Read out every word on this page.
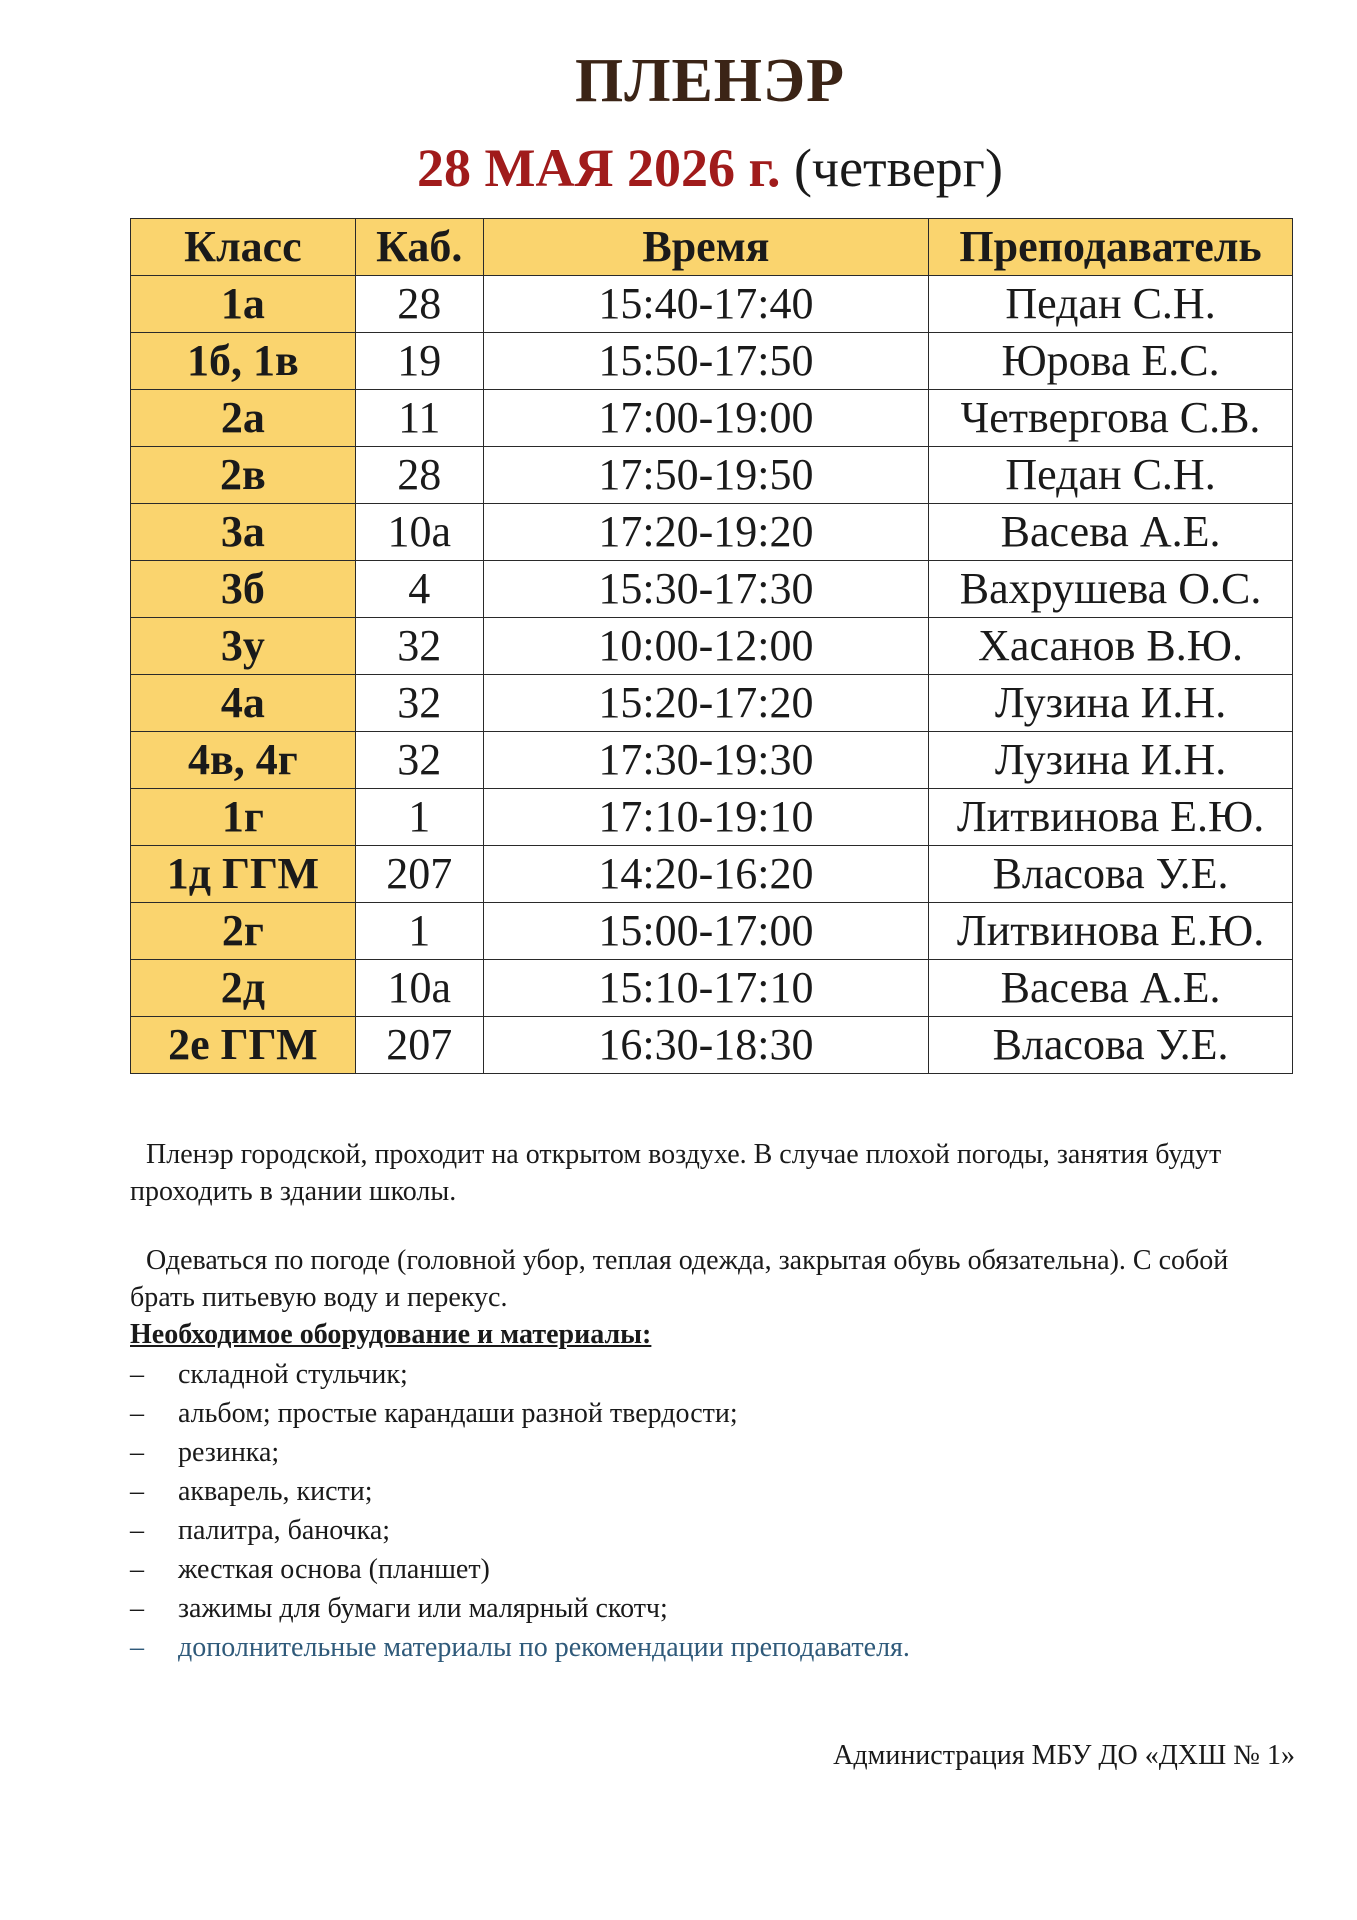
ПЛЕНЭР
28 МАЯ 2026 г. (четверг)
Класс	Каб.	Время	Преподаватель
1а	28	15:40-17:40	Педан С.Н.
1б, 1в	19	15:50-17:50	Юрова Е.С.
2а	11	17:00-19:00	Четвергова С.В.
2в	28	17:50-19:50	Педан С.Н.
3а	10а	17:20-19:20	Васева А.Е.
3б	4	15:30-17:30	Вахрушева О.С.
3у	32	10:00-12:00	Хасанов В.Ю.
4а	32	15:20-17:20	Лузина И.Н.
4в, 4г	32	17:30-19:30	Лузина И.Н.
1г	1	17:10-19:10	Литвинова Е.Ю.
1д ГГМ	207	14:20-16:20	Власова У.Е.
2г	1	15:00-17:00	Литвинова Е.Ю.
2д	10а	15:10-17:10	Васева А.Е.
2е ГГМ	207	16:30-18:30	Власова У.Е.

Пленэр городской, проходит на открытом воздухе. В случае плохой погоды, занятия будут проходить в здании школы.

Одеваться по погоде (головной убор, теплая одежда, закрытая обувь обязательна). С собой брать питьевую воду и перекус.

Необходимое оборудование и материалы:

– складной стульчик;
– альбом; простые карандаши разной твердости;
– резинка;
– акварель, кисти;
– палитра, баночка;
– жесткая основа (планшет)
– зажимы для бумаги или малярный скотч;
– дополнительные материалы по рекомендации преподавателя.
Администрация МБУ ДО «ДХШ № 1»
